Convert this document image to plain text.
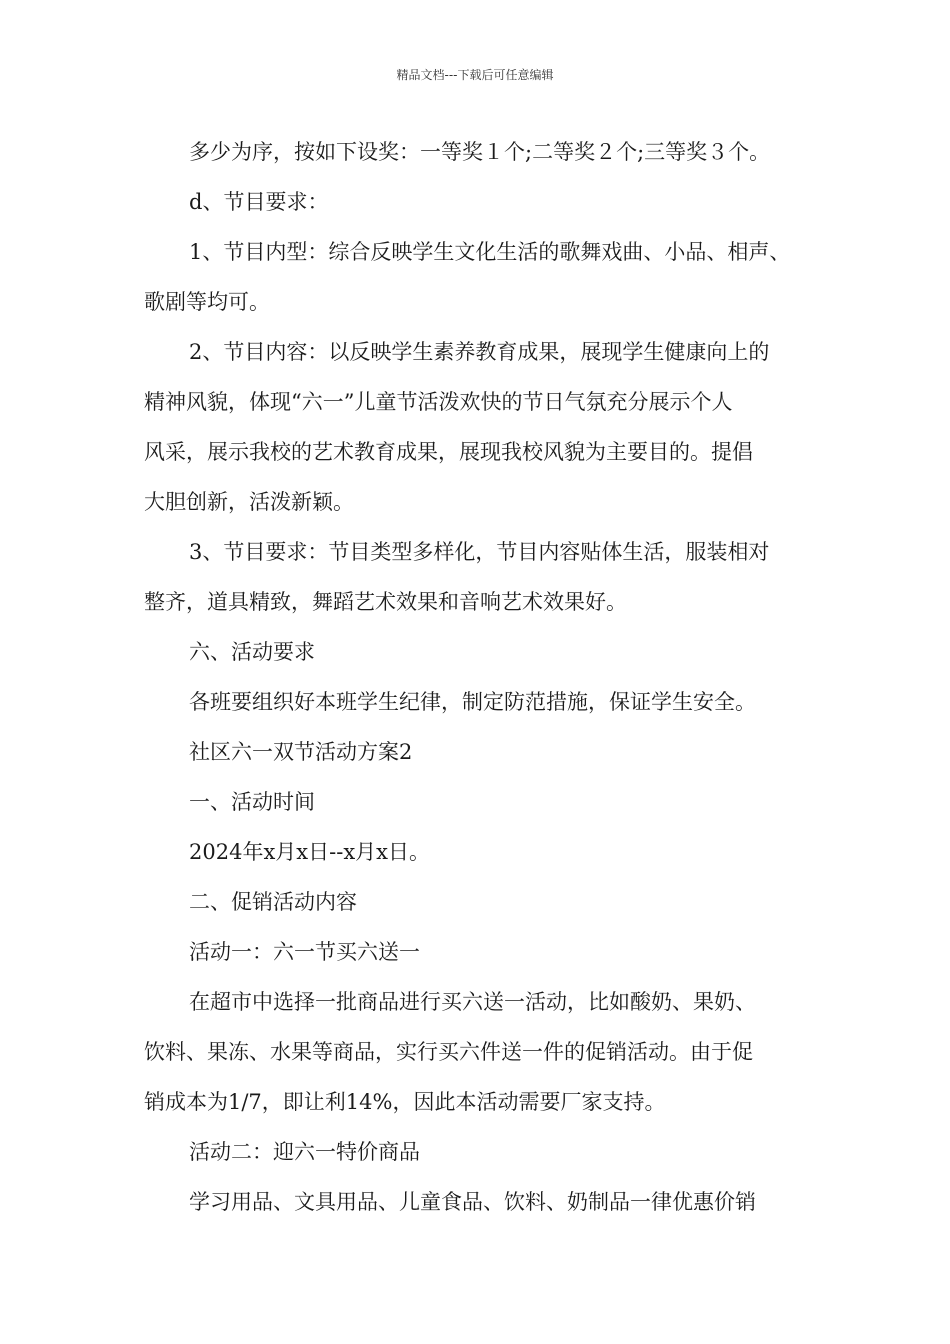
精品文档---下载后可任意编辑

多少为序，按如下设奖：一等奖１个;二等奖２个;三等奖３个。

d、节目要求：

1、节目内型：综合反映学生文化生活的歌舞戏曲、小品、相声、

歌剧等均可。

2、节目内容：以反映学生素养教育成果，展现学生健康向上的

精神风貌，体现“六一”儿童节活泼欢快的节日气氛充分展示个人

风采，展示我校的艺术教育成果，展现我校风貌为主要目的。提倡

大胆创新，活泼新颖。

3、节目要求：节目类型多样化，节目内容贴体生活，服装相对

整齐，道具精致，舞蹈艺术效果和音响艺术效果好。

六、活动要求

各班要组织好本班学生纪律，制定防范措施，保证学生安全。

社区六一双节活动方案2

一、活动时间

2024年x月x日--x月x日。

二、促销活动内容

活动一：六一节买六送一

在超市中选择一批商品进行买六送一活动，比如酸奶、果奶、

饮料、果冻、水果等商品，实行买六件送一件的促销活动。由于促

销成本为1/7，即让利14%，因此本活动需要厂家支持。

活动二：迎六一特价商品

学习用品、文具用品、儿童食品、饮料、奶制品一律优惠价销
